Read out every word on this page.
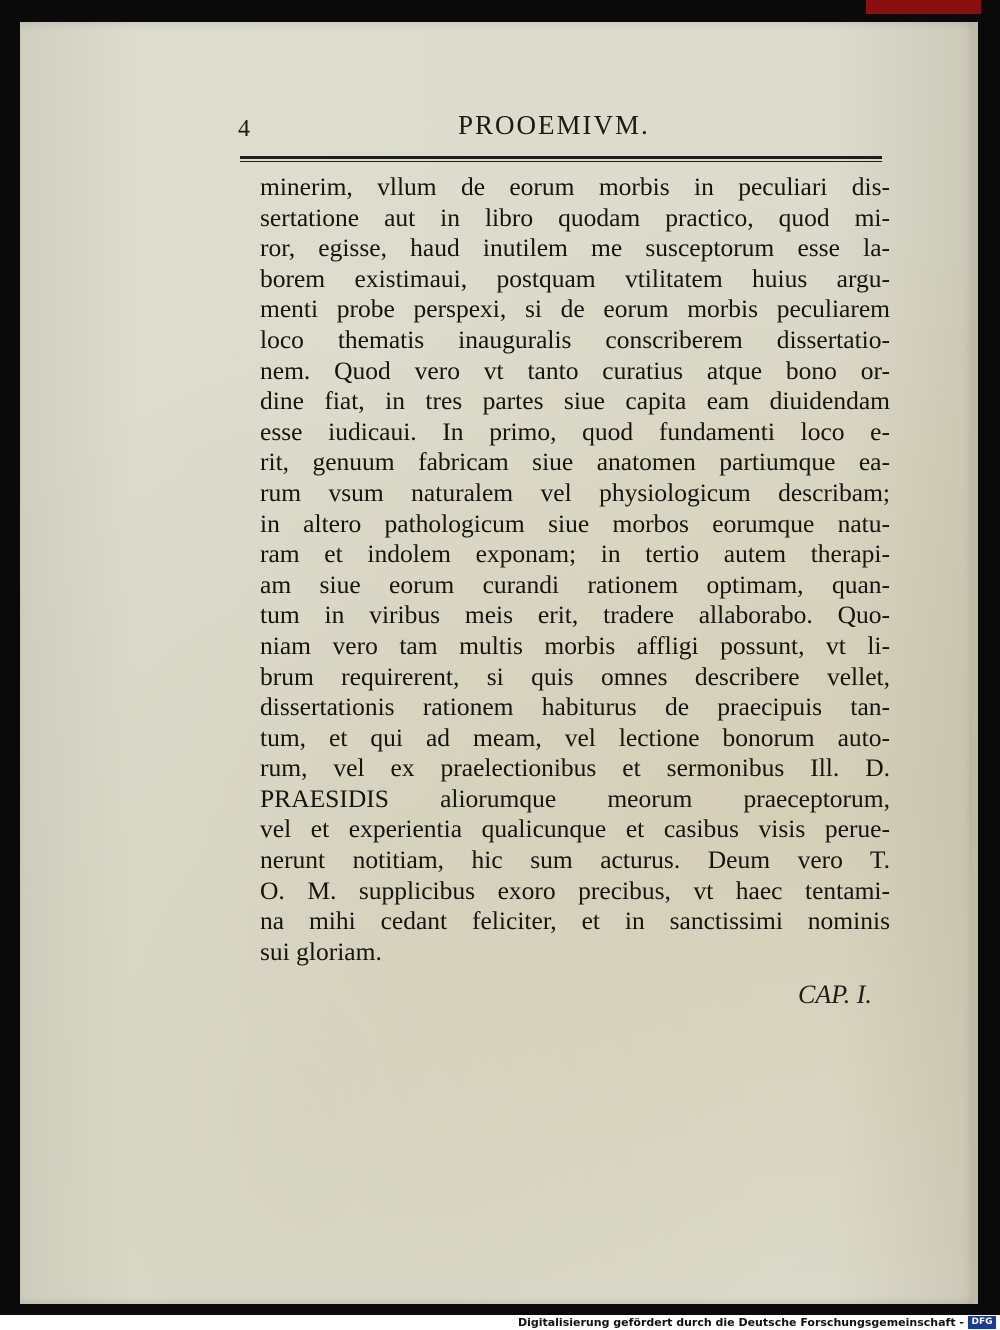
4	PROOEMIVM.
minerim, vllum de eorum morbis in peculiari dis-
sertatione aut in libro quodam practico, quod mi-
ror, egisse, haud inutilem me susceptorum esse la-
borem existimaui, postquam vtilitatem huius argu-
menti probe perspexi, si de eorum morbis peculiarem
loco thematis inauguralis conscriberem dissertatio-
nem. Quod vero vt tanto curatius atque bono or-
dine fiat, in tres partes siue capita eam diuidendam
esse iudicaui. In primo, quod fundamenti loco e-
rit, genuum fabricam siue anatomen partiumque ea-
rum vsum naturalem vel physiologicum describam;
in altero pathologicum siue morbos eorumque natu-
ram et indolem exponam; in tertio autem therapi-
am siue eorum curandi rationem optimam, quan-
tum in viribus meis erit, tradere allaborabo. Quo-
niam vero tam multis morbis affligi possunt, vt li-
brum requirerent, si quis omnes describere vellet,
dissertationis rationem habiturus de praecipuis tan-
tum, et qui ad meam, vel lectione bonorum auto-
rum, vel ex praelectionibus et sermonibus Ill. D.
PRAESIDIS aliorumque meorum praeceptorum,
vel et experientia qualicunque et casibus visis perue-
nerunt notitiam, hic sum acturus. Deum vero T.
O. M. supplicibus exoro precibus, vt haec tentami-
na mihi cedant feliciter, et in sanctissimi nominis
sui gloriam.
CAP. I.
Digitalisierung gefördert durch die Deutsche Forschungsgemeinschaft - DFG
